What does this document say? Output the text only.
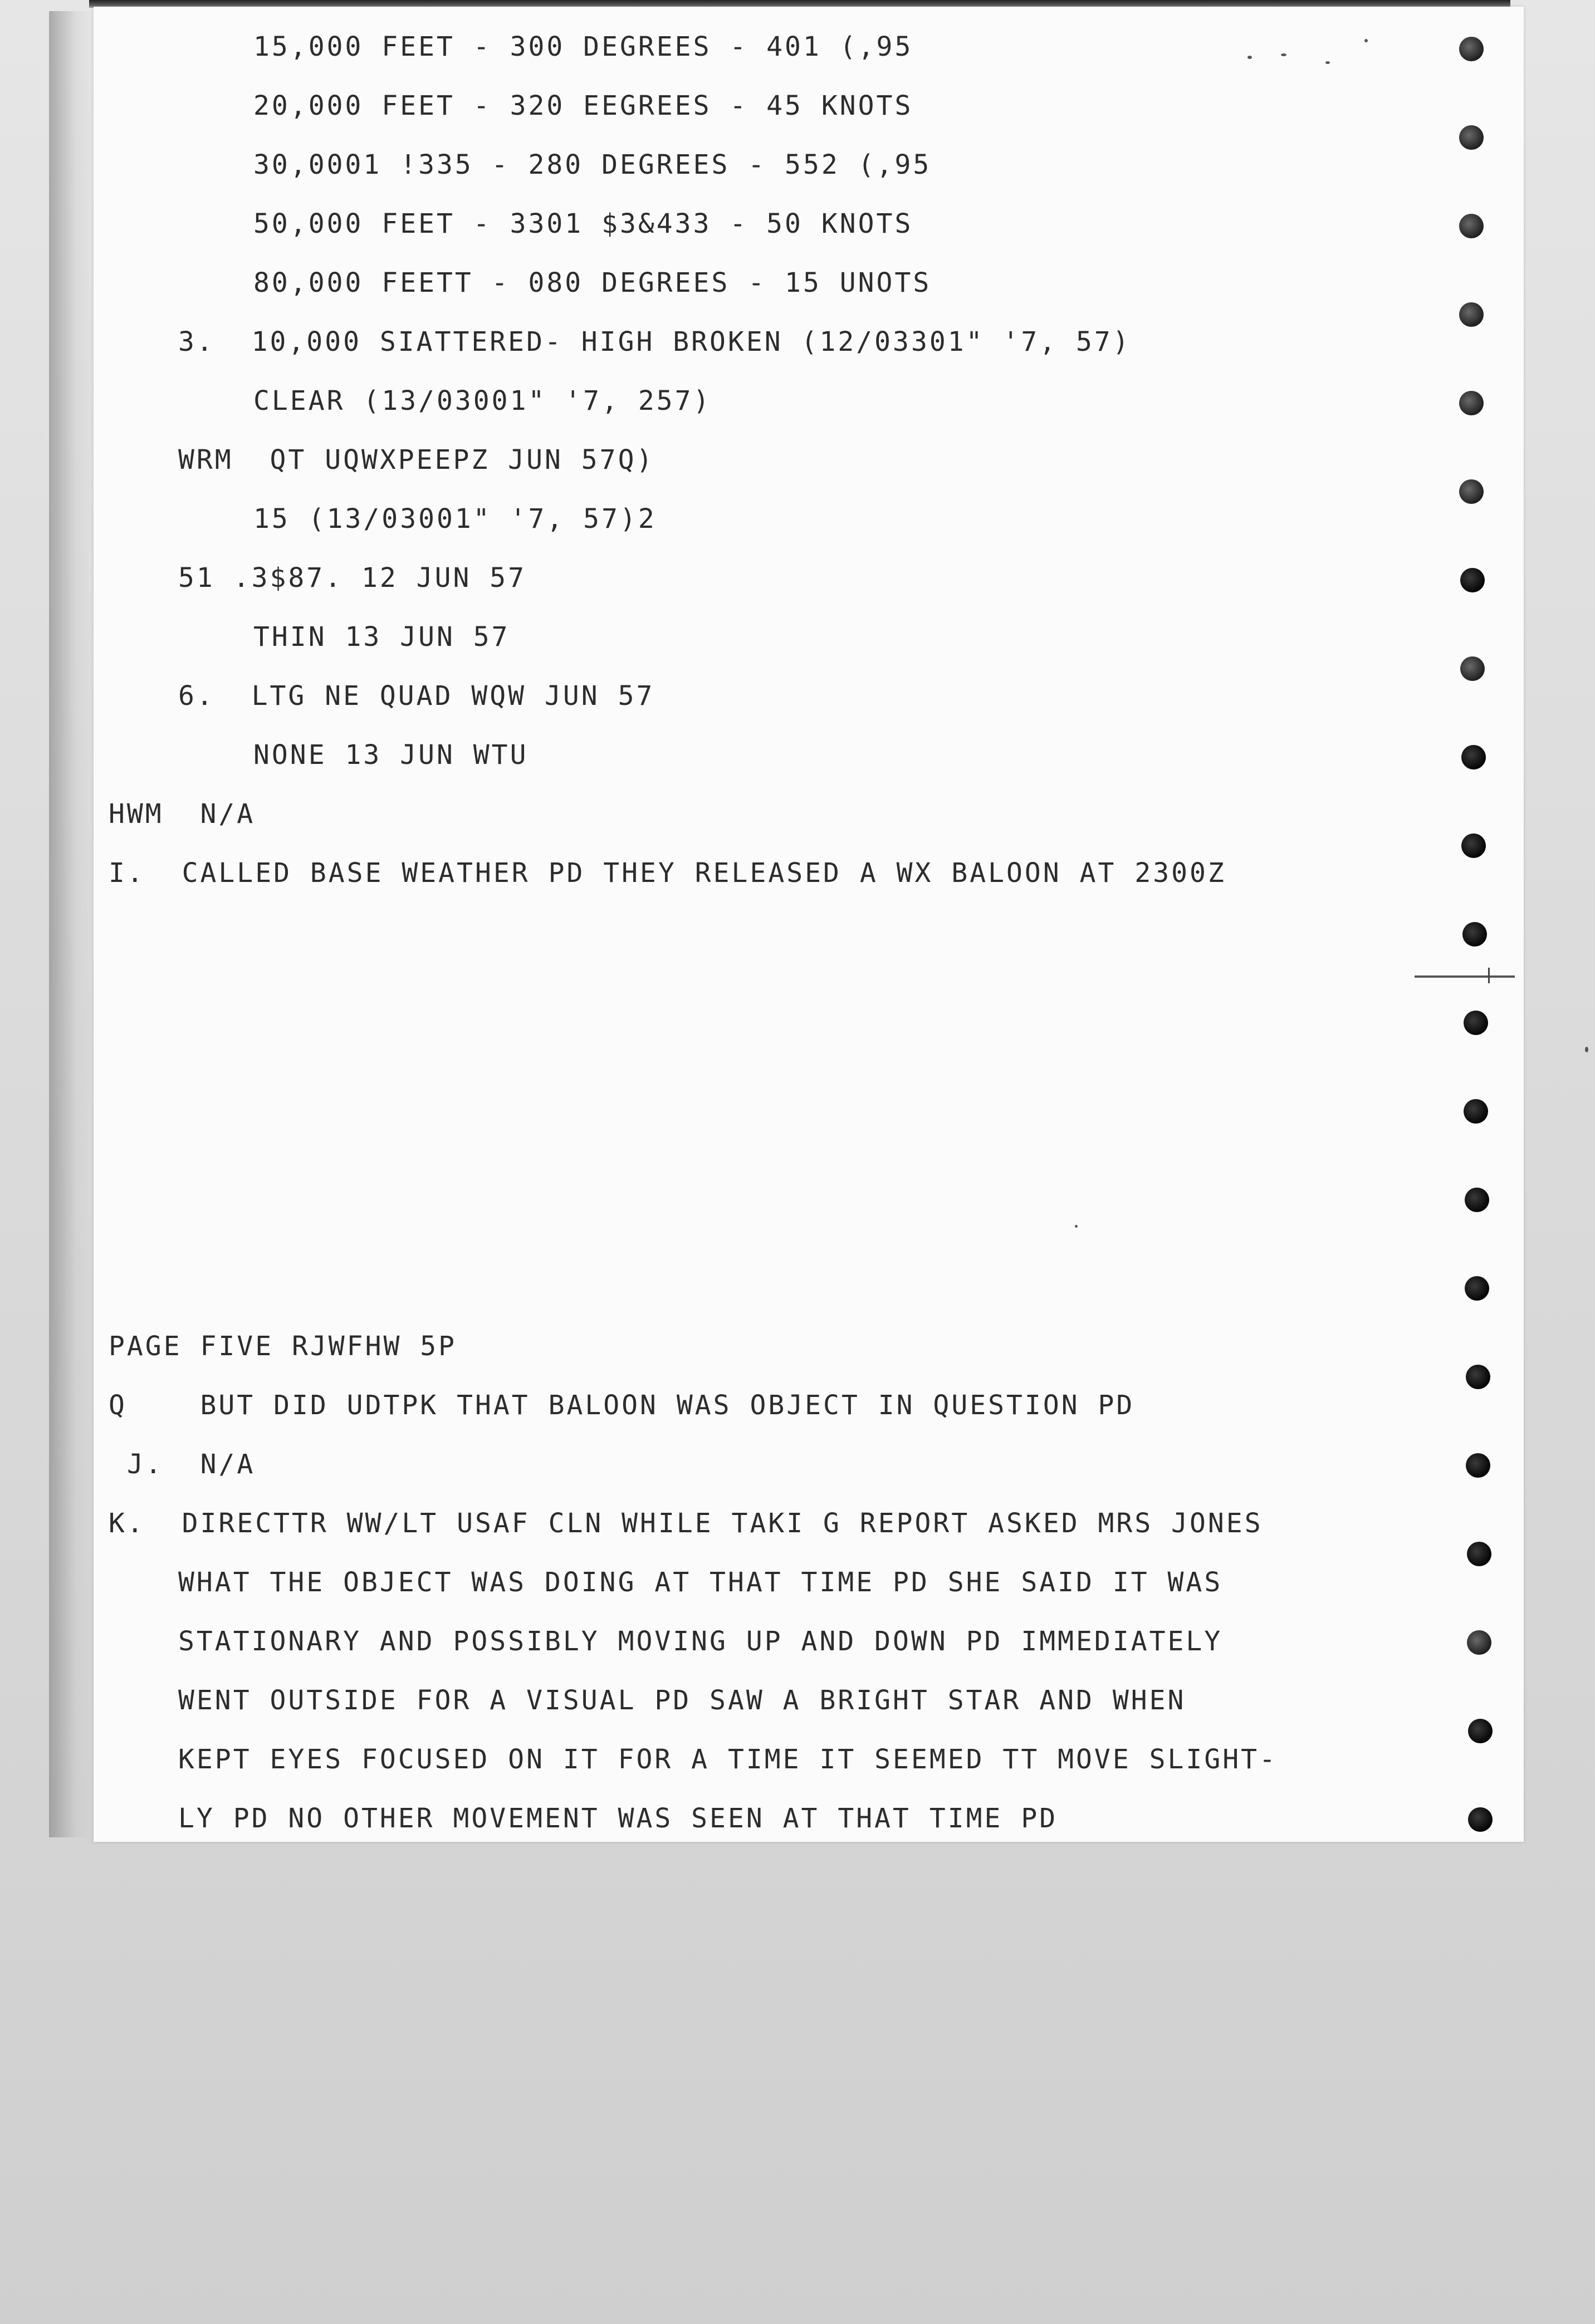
15,000 FEET - 300 DEGREES - 401 (,95
20,000 FEET - 320 EEGREES - 45 KNOTS
30,0001 !335 - 280 DEGREES - 552 (,95
50,000 FEET - 3301 $3&433 - 50 KNOTS
80,000 FEETT - 080 DEGREES - 15 UNOTS
3.  10,000 SIATTERED- HIGH BROKEN (12/03301" '7, 57)
CLEAR (13/03001" '7, 257)
WRM  QT UQWXPEEPZ JUN 57Q)
15 (13/03001" '7, 57)2
51 .3$87. 12 JUN 57
THIN 13 JUN 57
6.  LTG NE QUAD WQW JUN 57
NONE 13 JUN WTU
HWM  N/A
I.  CALLED BASE WEATHER PD THEY RELEASED A WX BALOON AT 2300Z
PAGE FIVE RJWFHW 5P
Q    BUT DID UDTPK THAT BALOON WAS OBJECT IN QUESTION PD
J.  N/A
K.  DIRECTTR WW/LT USAF CLN WHILE TAKI G REPORT ASKED MRS JONES
WHAT THE OBJECT WAS DOING AT THAT TIME PD SHE SAID IT WAS
STATIONARY AND POSSIBLY MOVING UP AND DOWN PD IMMEDIATELY
WENT OUTSIDE FOR A VISUAL PD SAW A BRIGHT STAR AND WHEN
KEPT EYES FOCUSED ON IT FOR A TIME IT SEEMED TT MOVE SLIGHT-
LY PD NO OTHER MOVEMENT WAS SEEN AT THAT TIME PD
